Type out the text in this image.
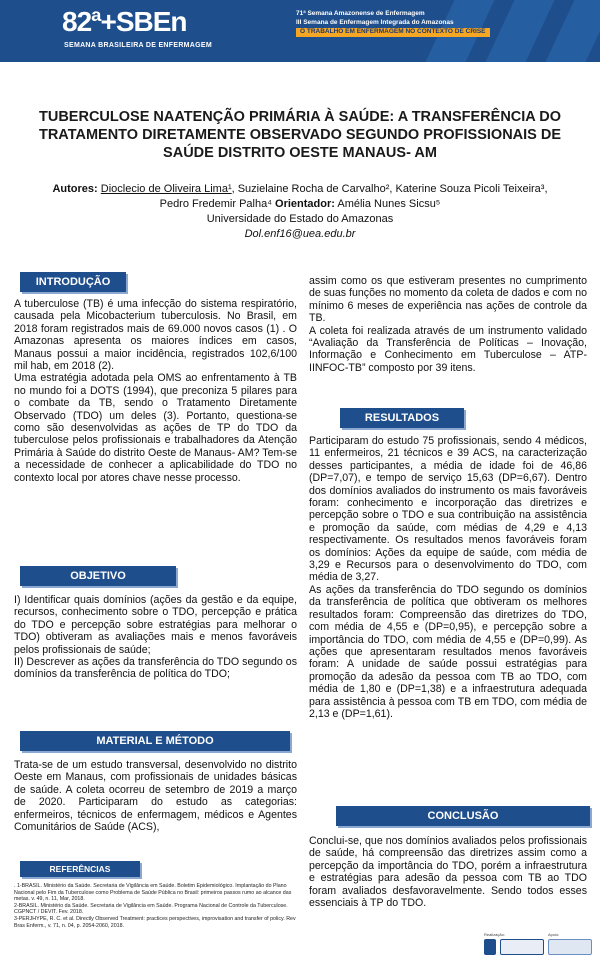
82ª+SBEn
SEMANA BRASILEIRA DE ENFERMAGEM
71ª Semana Amazonense de Enfermagem
III Semana de Enfermagem Integrada do Amazonas
O TRABALHO EM ENFERMAGEM NO CONTEXTO DE CRISE
TUBERCULOSE NAATENÇÃO PRIMÁRIA À SAÚDE: A TRANSFERÊNCIA DO TRATAMENTO DIRETAMENTE OBSERVADO SEGUNDO PROFISSIONAIS DE SAÚDE DISTRITO OESTE MANAUS- AM
Autores: Dioclecio de Oliveira Lima¹, Suzielaine Rocha de Carvalho², Katerine Souza Picoli Teixeira³,
Pedro Fredemir Palha⁴ Orientador: Amélia Nunes Sicsu⁵
Universidade do Estado do Amazonas
Dol.enf16@uea.edu.br
INTRODUÇÃO

A tuberculose (TB) é uma infecção do sistema respiratório, causada pela Micobacterium tuberculosis. No Brasil, em 2018 foram registrados mais de 69.000 novos casos (1) . O Amazonas apresenta os maiores índices em casos, Manaus possui a maior incidência, registrados 102,6/100 mil hab, em 2018 (2).

Uma estratégia adotada pela OMS ao enfrentamento à TB no mundo foi a DOTS (1994), que preconiza 5 pilares para o combate da TB, sendo o Tratamento Diretamente Observado (TDO) um deles (3). Portanto, questiona-se como são desenvolvidas as ações de TP do TDO da tuberculose pelos profissionais e trabalhadores da Atenção Primária à Saúde do distrito Oeste de Manaus- AM? Tem-se a necessidade de conhecer a aplicabilidade do TDO no contexto local por atores chave nesse processo.

OBJETIVO

I) Identificar quais domínios (ações da gestão e da equipe, recursos, conhecimento sobre o TDO, percepção e prática do TDO e percepção sobre estratégias para melhorar o TDO) obtiveram as avaliações mais e menos favoráveis pelos profissionais de saúde;

II) Descrever as ações da transferência do TDO segundo os domínios da transferência de política do TDO;

MATERIAL E MÉTODO

Trata-se de um estudo transversal, desenvolvido no distrito Oeste em Manaus, com profissionais de unidades básicas de saúde. A coleta ocorreu de setembro de 2019 a março de 2020. Participaram do estudo as categorias: enfermeiros, técnicos de enfermagem, médicos e Agentes Comunitários de Saúde (ACS),

REFERÊNCIAS
. 1-BRASIL. Ministério da Saúde. Secretaria de Vigilância em Saúde. Boletim Epidemiológico. Implantação do Plano Nacional pelo Fim da Tuberculose como Problema de Saúde Pública no Brasil: primeiros passos rumo ao alcance das metas. v. 49, n. 11, Mar, 2018.
2-BRASIL. Ministério da Saúde. Secretaria de Vigilância em Saúde. Programa Nacional de Controle da Tuberculose. CGPNCT / DEVIT. Fev. 2018.
3-PERJHYPE, R. C. et al. Directly Observed Treatment: practices perspectives, improvisation and transfer of policy. Rev Bras Enferm., v. 71, n. 04, p. 2054-2060, 2018.

assim como os que estiveram presentes no cumprimento de suas funções no momento da coleta de dados e com no mínimo 6 meses de experiência nas ações de controle da TB.

A coleta foi realizada através de um instrumento validado “Avaliação da Transferência de Políticas – Inovação, Informação e Conhecimento em Tuberculose – ATP-IINFOC-TB” composto por 39 itens.

RESULTADOS

Participaram do estudo 75 profissionais, sendo 4 médicos, 11 enfermeiros, 21 técnicos e 39 ACS, na caracterização desses participantes, a média de idade foi de 46,86 (DP=7,07), e tempo de serviço 15,63 (DP=6,67). Dentro dos domínios avaliados do instrumento os mais favoráveis foram: conhecimento e incorporação das diretrizes e percepção sobre o TDO e sua contribuição na assistência e promoção da saúde, com médias de 4,29 e 4,13 respectivamente. Os resultados menos favoráveis foram os domínios: Ações da equipe de saúde, com média de 3,29 e Recursos para o desenvolvimento do TDO, com média de 3,27.

As ações da transferência do TDO segundo os domínios da transferência de política que obtiveram os melhores resultados foram: Compreensão das diretrizes do TDO, com média de 4,55 e (DP=0,95), e percepção sobre a importância do TDO, com média de 4,55 e (DP=0,99). As ações que apresentaram resultados menos favoráveis foram: A unidade de saúde possui estratégias para promoção da adesão da pessoa com TB ao TDO, com média de 1,80 e (DP=1,38) e a infraestrutura adequada para assistência à pessoa com TB em TDO, com média de 2,13 e (DP=1,61).

CONCLUSÃO

Conclui-se, que nos domínios avaliados pelos profissionais de saúde, há compreensão das diretrizes assim como a percepção da importância do TDO, porém a infraestrutura e estratégias para adesão da pessoa com TB ao TDO foram avaliados desfavoravelmente. Sendo todos esses essenciais à TP do TDO.

Realização:	Apoio:
